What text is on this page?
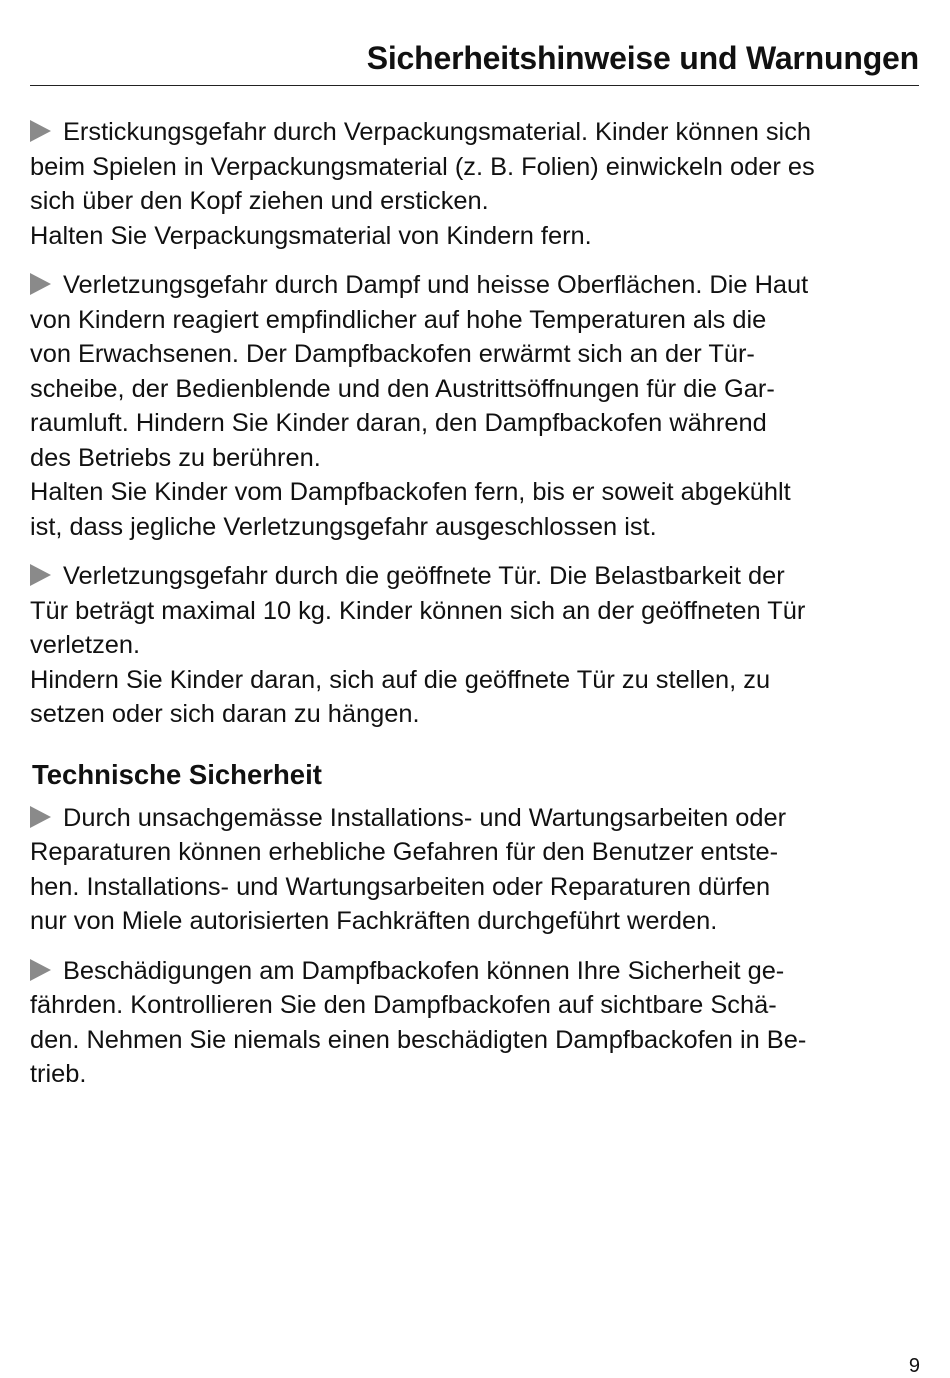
Sicherheitshinweise und Warnungen

Erstickungsgefahr durch Verpackungsmaterial. Kinder können sich

beim Spielen in Verpackungsmaterial (z. B. Folien) einwickeln oder es

sich über den Kopf ziehen und ersticken.

Halten Sie Verpackungsmaterial von Kindern fern.

Verletzungsgefahr durch Dampf und heisse Oberflächen. Die Haut

von Kindern reagiert empfindlicher auf hohe Temperaturen als die

von Erwachsenen. Der Dampfbackofen erwärmt sich an der Tür-

scheibe, der Bedienblende und den Austrittsöffnungen für die Gar-

raumluft. Hindern Sie Kinder daran, den Dampfbackofen während

des Betriebs zu berühren.

Halten Sie Kinder vom Dampfbackofen fern, bis er soweit abgekühlt

ist, dass jegliche Verletzungsgefahr ausgeschlossen ist.

Verletzungsgefahr durch die geöffnete Tür. Die Belastbarkeit der

Tür beträgt maximal 10 kg. Kinder können sich an der geöffneten Tür

verletzen.

Hindern Sie Kinder daran, sich auf die geöffnete Tür zu stellen, zu

setzen oder sich daran zu hängen.

Technische Sicherheit

Durch unsachgemässe Installations- und Wartungsarbeiten oder

Reparaturen können erhebliche Gefahren für den Benutzer entste-

hen. Installations- und Wartungsarbeiten oder Reparaturen dürfen

nur von Miele autorisierten Fachkräften durchgeführt werden.

Beschädigungen am Dampfbackofen können Ihre Sicherheit ge-

fährden. Kontrollieren Sie den Dampfbackofen auf sichtbare Schä-

den. Nehmen Sie niemals einen beschädigten Dampfbackofen in Be-

trieb.

9
